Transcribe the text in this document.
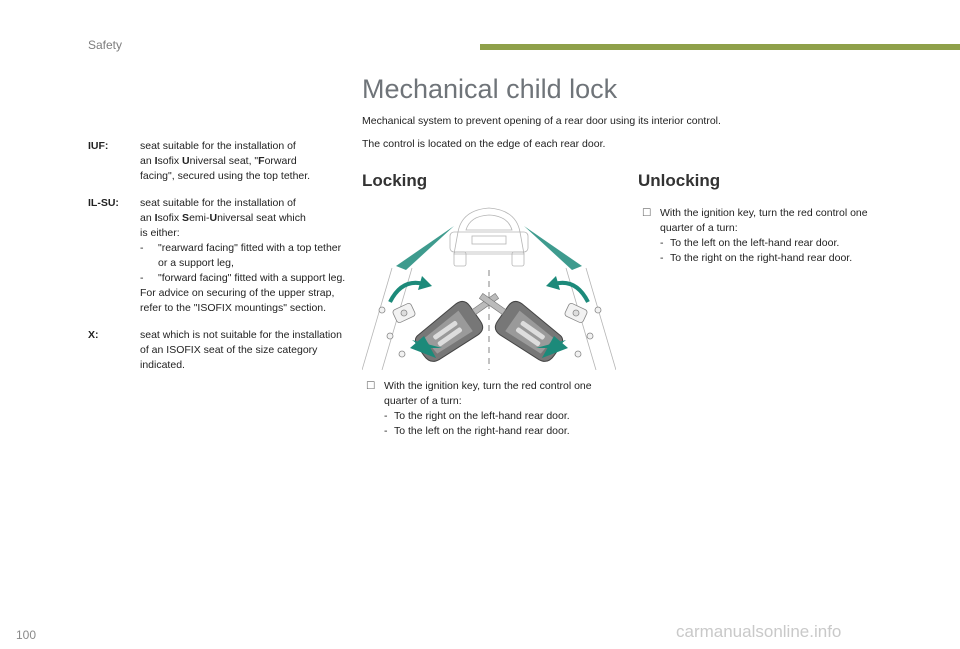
Safety
Mechanical child lock

Mechanical system to prevent opening of a rear door using its interior control.

The control is located on the edge of each rear door.

IUF:	seat suitable for the installation of

an Isofix Universal seat, "Forward

facing", secured using the top tether.

IL-SU:	seat suitable for the installation of

an Isofix Semi-Universal seat which

is either:

-	"rearward facing" fitted with a top tether or a support leg,
-	"forward facing" fitted with a support leg.

For advice on securing of the upper strap, refer to the "ISOFIX mountings" section.

X:	seat which is not suitable for the installation of an ISOFIX seat of the size category indicated.

Locking	Unlocking
☐ With the ignition key, turn the red control one quarter of a turn:
- To the right on the left-hand rear door.
- To the left on the right-hand rear door.
☐ With the ignition key, turn the red control one quarter of a turn:
- To the left on the left-hand rear door.
- To the right on the right-hand rear door.
100	carmanualsonline.info
